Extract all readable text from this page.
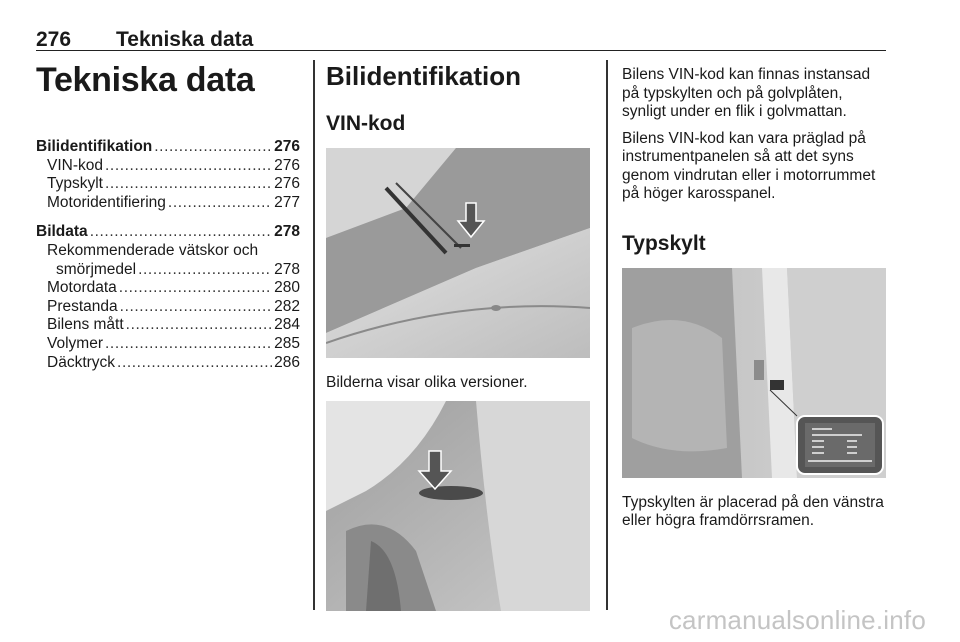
276 Tekniska data
Tekniska data
Bilidentifikation .....	276
VIN-kod .....	276
Typskylt .....	276
Motoridentifiering .....	277
Bildata .....	278
Rekommenderade vätskor och
smörjmedel .....	278
Motordata .....	280
Prestanda .....	282
Bilens mått .....	284
Volymer .....	285
Däcktryck .....	286
Bilidentifikation
VIN-kod

Bilderna visar olika versioner.

Bilens VIN-kod kan finnas instansad på typskylten och på golvplåten, synligt under en flik i golvmattan.

Bilens VIN-kod kan vara präglad på instrumentpanelen så att det syns genom vindrutan eller i motorrummet på höger karosspanel.

Typskylt

Typskylten är placerad på den vänstra eller högra framdörrsramen.

carmanualsonline.info
